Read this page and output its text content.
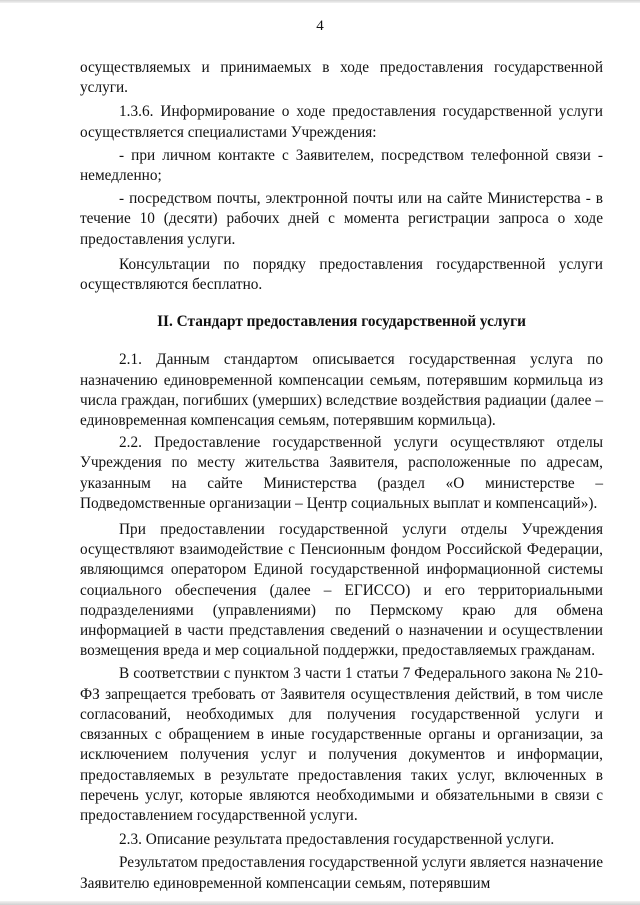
4

осуществляемых и принимаемых в ходе предоставления государственной услуги.

1.3.6. Информирование о ходе предоставления государственной услуги осуществляется специалистами Учреждения:

- при личном контакте с Заявителем, посредством телефонной связи - немедленно;

- посредством почты, электронной почты или на сайте Министерства - в течение 10 (десяти) рабочих дней с момента регистрации запроса о ходе предоставления услуги.

Консультации по порядку предоставления государственной услуги осуществляются бесплатно.

II. Стандарт предоставления государственной услуги

2.1. Данным стандартом описывается государственная услуга по назначению единовременной компенсации семьям, потерявшим кормильца из числа граждан, погибших (умерших) вследствие воздействия радиации (далее – единовременная компенсация семьям, потерявшим кормильца).

2.2. Предоставление государственной услуги осуществляют отделы Учреждения по месту жительства Заявителя, расположенные по адресам, указанным на сайте Министерства (раздел «О министерстве – Подведомственные организации – Центр социальных выплат и компенсаций»).

При предоставлении государственной услуги отделы Учреждения осуществляют взаимодействие с Пенсионным фондом Российской Федерации, являющимся оператором Единой государственной информационной системы социального обеспечения (далее – ЕГИССО) и его территориальными подразделениями (управлениями) по Пермскому краю для обмена информацией в части представления сведений о назначении и осуществлении возмещения вреда и мер социальной поддержки, предоставляемых гражданам.

В соответствии с пунктом 3 части 1 статьи 7 Федерального закона № 210-ФЗ запрещается требовать от Заявителя осуществления действий, в том числе согласований, необходимых для получения государственной услуги и связанных с обращением в иные государственные органы и организации, за исключением получения услуг и получения документов и информации, предоставляемых в результате предоставления таких услуг, включенных в перечень услуг, которые являются необходимыми и обязательными в связи с предоставлением государственной услуги.

2.3. Описание результата предоставления государственной услуги.

Результатом предоставления государственной услуги является назначение Заявителю единовременной компенсации семьям, потерявшим
